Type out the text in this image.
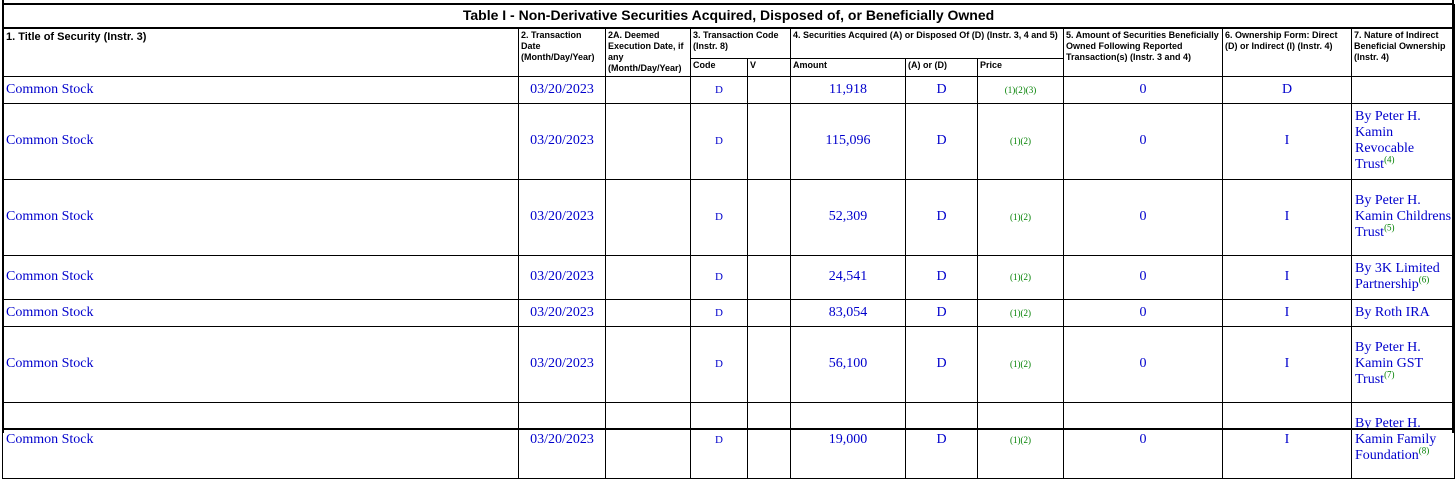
Table I - Non-Derivative Securities Acquired, Disposed of, or Beneficially Owned										
1. Title of Security (Instr. 3)	2. Transaction Date (Month/Day/Year)	2A. Deemed Execution Date, if any (Month/Day/Year)	3. Transaction Code (Instr. 8)		4. Securities Acquired (A) or Disposed Of (D) (Instr. 3, 4 and 5)			5. Amount of Securities Beneficially Owned Following Reported Transaction(s) (Instr. 3 and 4)	6. Ownership Form: Direct (D) or Indirect (I) (Instr. 4)	7. Nature of Indirect Beneficial Ownership (Instr. 4)
			Code	V	Amount	(A) or (D)	Price			
Common Stock	03/20/2023		D		11,918	D	(1)(2)(3)	0	D	
Common Stock	03/20/2023		D		115,096	D	(1)(2)	0	I	By Peter H. Kamin Revocable Trust$^{(4)}$
Common Stock	03/20/2023		D		52,309	D	(1)(2)	0	I	By Peter H. Kamin Childrens Trust$^{(5)}$
Common Stock	03/20/2023		D		24,541	D	(1)(2)	0	I	By 3K Limited Partnership$^{(6)}$
Common Stock	03/20/2023		D		83,054	D	(1)(2)	0	I	By Roth IRA
Common Stock	03/20/2023		D		56,100	D	(1)(2)	0	I	By Peter H. Kamin GST Trust$^{(7)}$
Common Stock	03/20/2023		D		19,000	D	(1)(2)	0	I	By Peter H. Kamin Family Foundation$^{(8)}$
